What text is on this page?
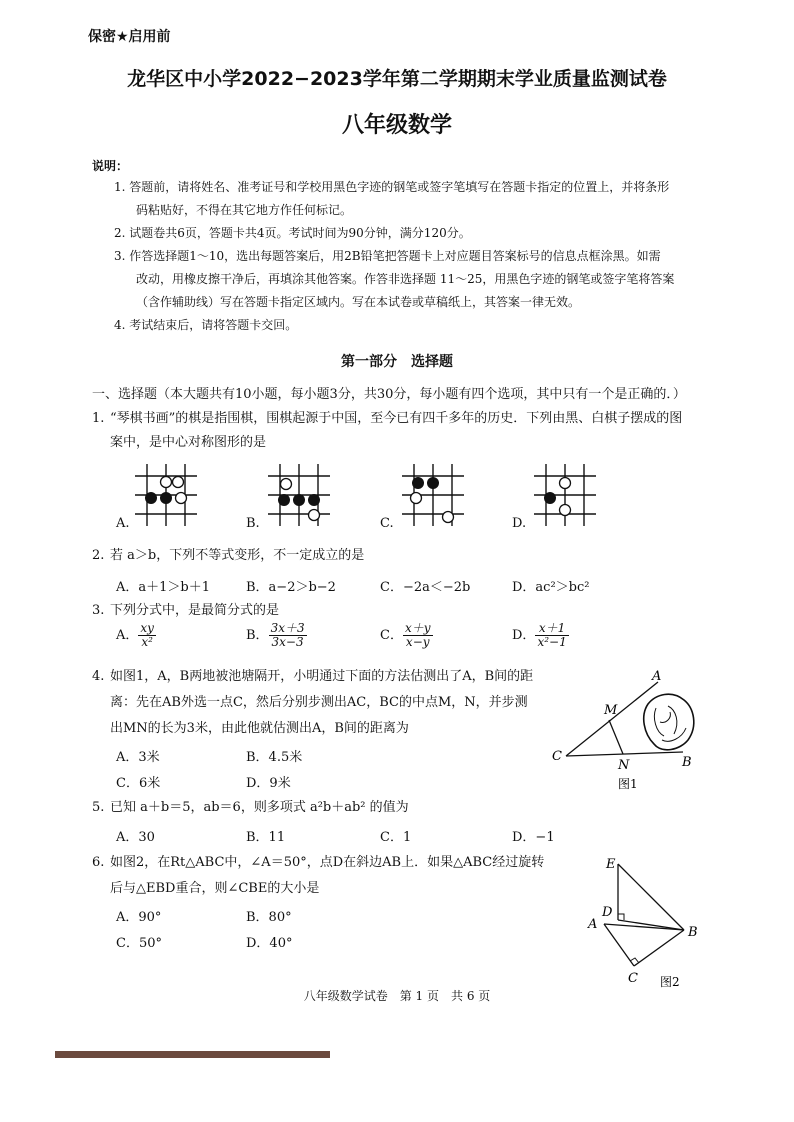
保密★启用前
龙华区中小学2022−2023学年第二学期期末学业质量监测试卷
八年级数学
说明：
1. 答题前，请将姓名、准考证号和学校用黑色字迹的钢笔或签字笔填写在答题卡指定的位置上，并将条形
码粘贴好，不得在其它地方作任何标记。
2. 试题卷共6页，答题卡共4页。考试时间为90分钟，满分120分。
3. 作答选择题1～10，选出每题答案后，用2B铅笔把答题卡上对应题目答案标号的信息点框涂黑。如需
改动，用橡皮擦干净后，再填涂其他答案。作答非选择题 11～25，用黑色字迹的钢笔或签字笔将答案
（含作辅助线）写在答题卡指定区域内。写在本试卷或草稿纸上，其答案一律无效。
4. 考试结束后，请将答题卡交回。
第一部分　选择题
一、选择题（本大题共有10小题，每小题3分，共30分，每小题有四个选项，其中只有一个是正确的．）
1. “琴棋书画”的棋是指围棋，围棋起源于中国，至今已有四千多年的历史．下列由黑、白棋子摆成的图
案中，是中心对称图形的是
A.	B.	C.	D.
2. 若 a＞b，下列不等式变形，不一定成立的是
A．a＋1＞b＋1	B．a−2＞b−2	C．−2a＜−2b	D．ac²＞bc²
3. 下列分式中，是最简分式的是
A． $\frac{xy}{\text{x²}}$	B． $\frac{3x+3}{3x-3}$	C． $\frac{x+y}{x-y}$	D． $\frac{x+1}{\text{x²−1}}$
4. 如图1，A，B两地被池塘隔开，小明通过下面的方法估测出了A，B间的距
离：先在AB外选一点C，然后分别步测出AC，BC的中点M，N，并步测
出MN的长为3米，由此他就估测出A，B间的距离为
A．3米	B．4.5米
C．6米	D．9米
A
M
C
N	B
图1
5. 已知 a＋b＝5，ab＝6，则多项式 a²b＋ab² 的值为
A．30	B．11	C．1	D．−1
6. 如图2，在Rt△ABC中，∠A＝50°，点D在斜边AB上．如果△ABC经过旋转
后与△EBD重合，则∠CBE的大小是
A．90°	B．80°
C．50°	D．40°
E
A
D
B
C 图2
八年级数学试卷　第 1 页　共 6 页
